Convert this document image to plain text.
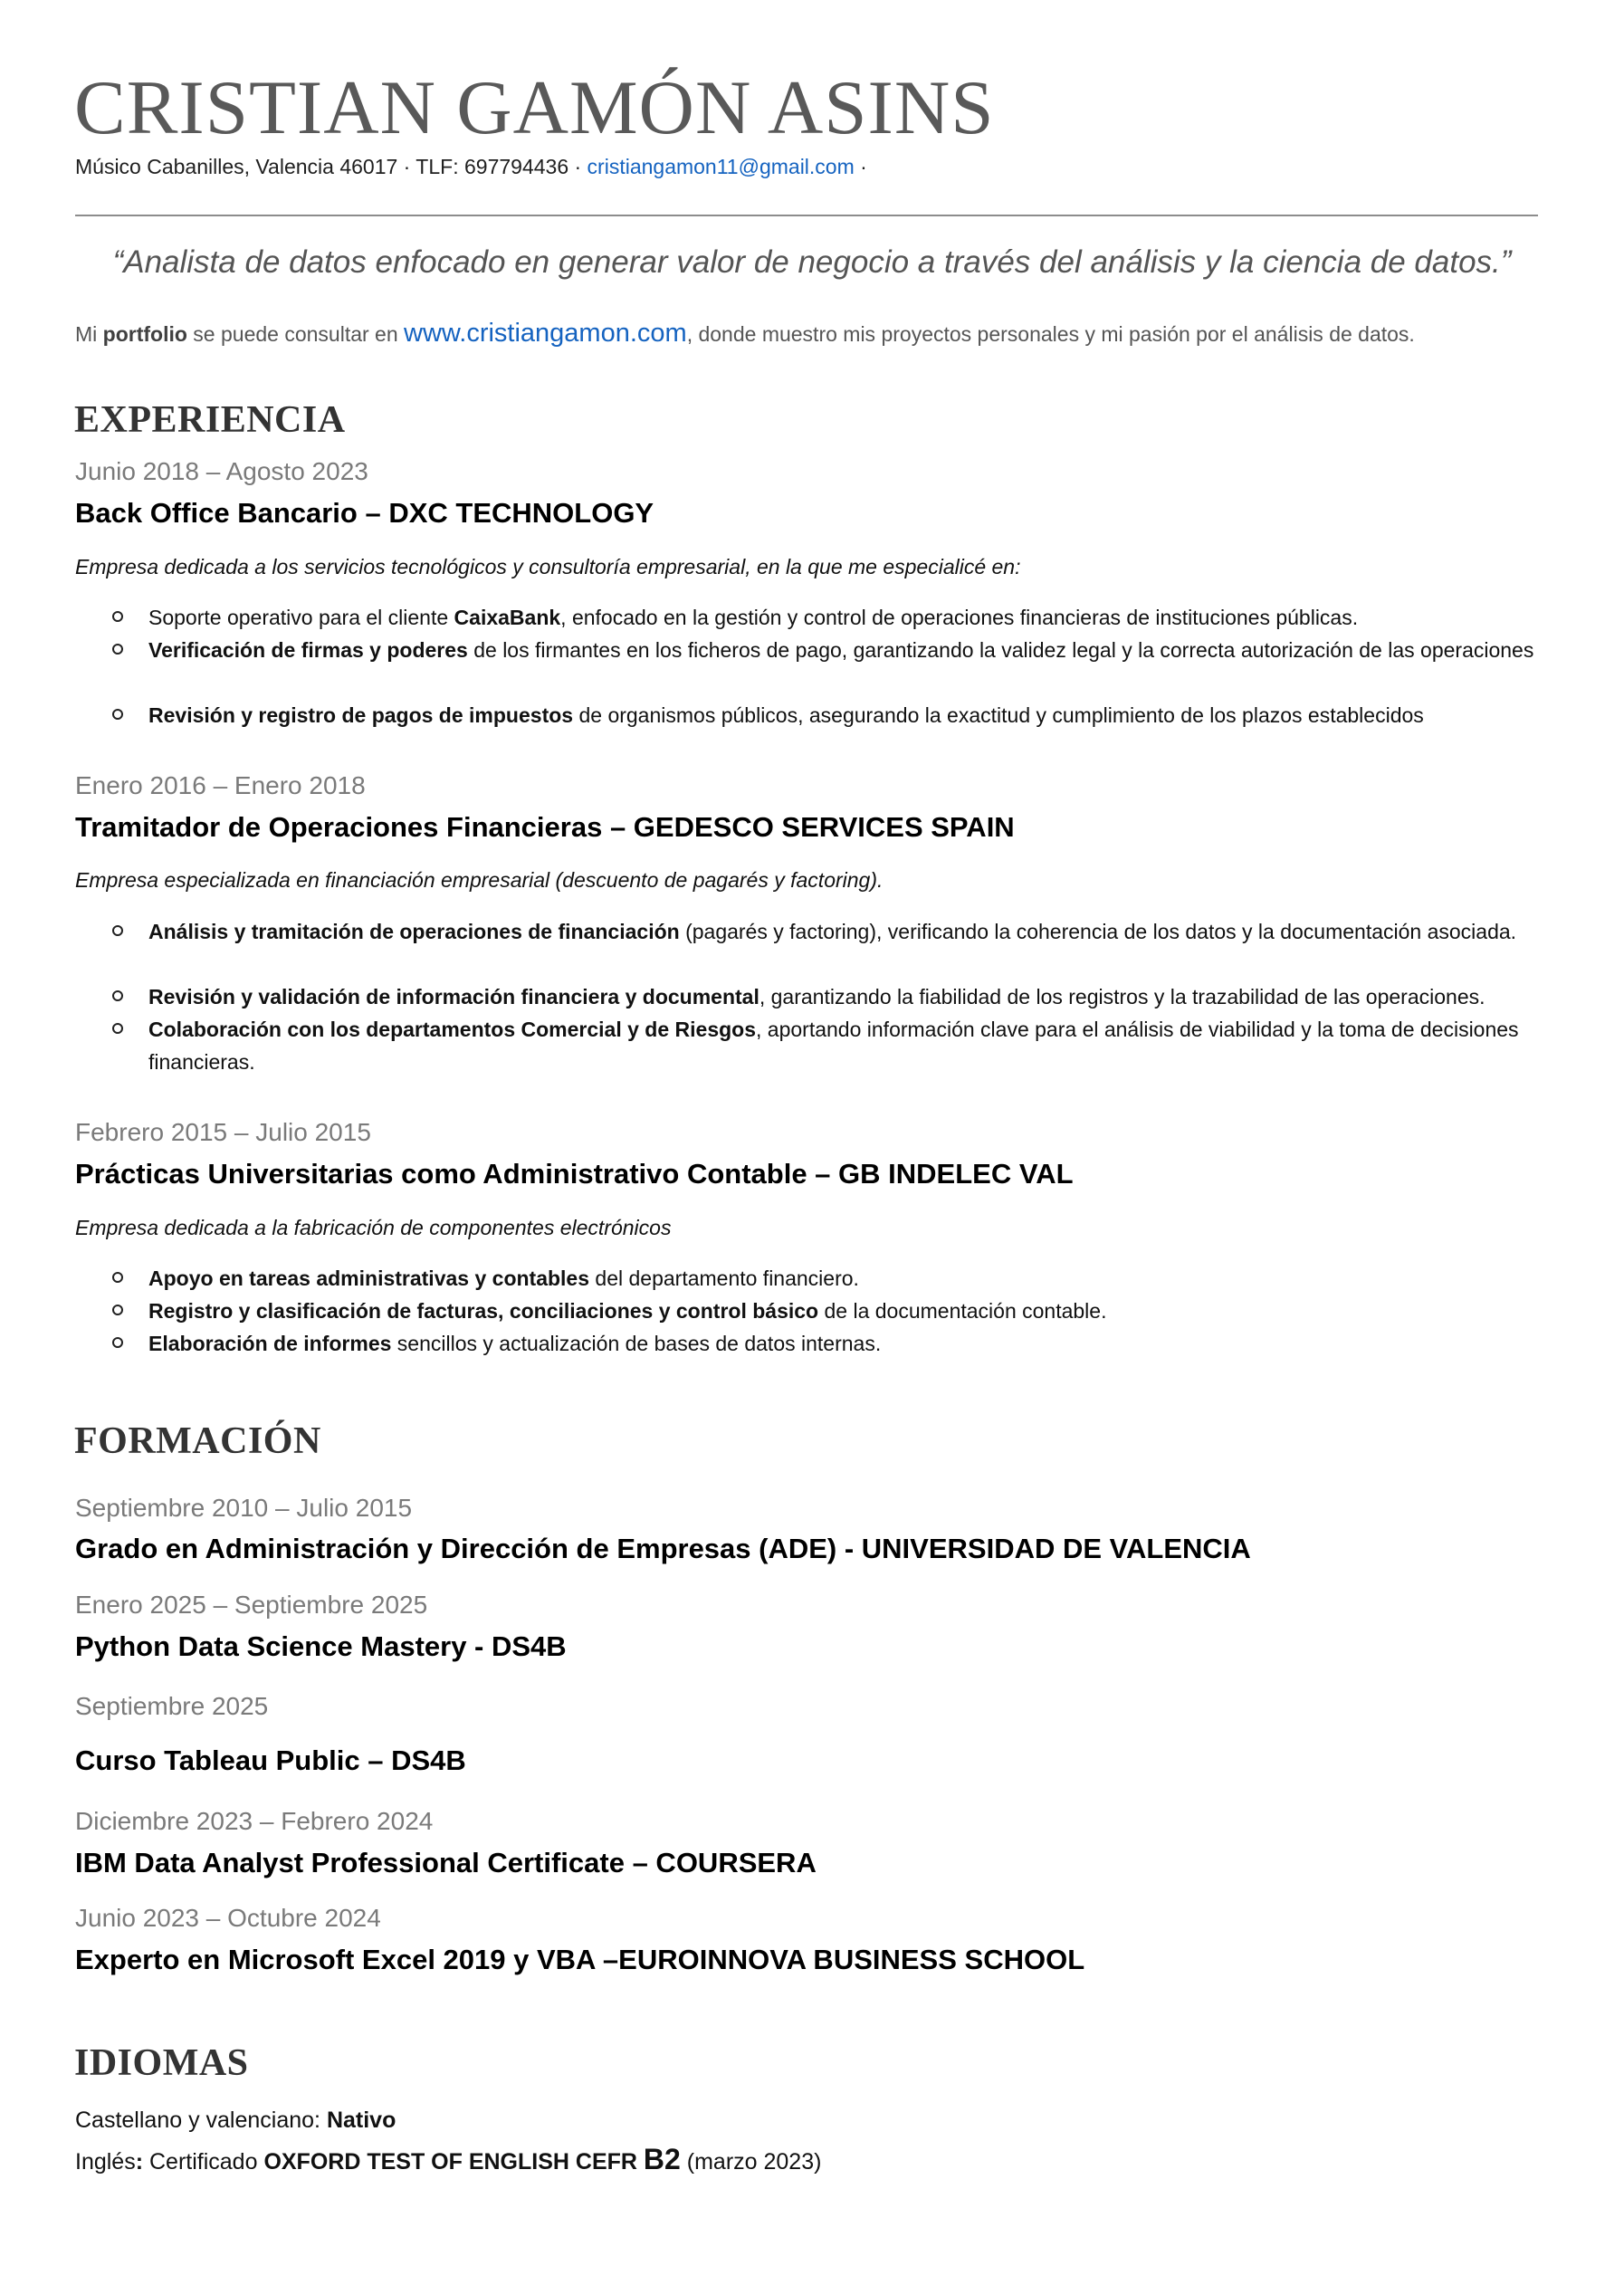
CRISTIAN GAMÓN ASINS
Músico Cabanilles, Valencia 46017 · TLF: 697794436 · cristiangamon11@gmail.com ·
“Analista de datos enfocado en generar valor de negocio a través del análisis y la ciencia de datos.”
Mi portfolio se puede consultar en www.cristiangamon.com, donde muestro mis proyectos personales y mi pasión por el análisis de datos.
EXPERIENCIA
Junio 2018 – Agosto 2023
Back Office Bancario – DXC TECHNOLOGY
Empresa dedicada a los servicios tecnológicos y consultoría empresarial, en la que me especialicé en:
Soporte operativo para el cliente CaixaBank, enfocado en la gestión y control de operaciones financieras de instituciones públicas.
Verificación de firmas y poderes de los firmantes en los ficheros de pago, garantizando la validez legal y la correcta autorización de las operaciones
Revisión y registro de pagos de impuestos de organismos públicos, asegurando la exactitud y cumplimiento de los plazos establecidos
Enero 2016 – Enero 2018
Tramitador de Operaciones Financieras – GEDESCO SERVICES SPAIN
Empresa especializada en financiación empresarial (descuento de pagarés y factoring).
Análisis y tramitación de operaciones de financiación (pagarés y factoring), verificando la coherencia de los datos y la documentación asociada.
Revisión y validación de información financiera y documental, garantizando la fiabilidad de los registros y la trazabilidad de las operaciones.
Colaboración con los departamentos Comercial y de Riesgos, aportando información clave para el análisis de viabilidad y la toma de decisiones financieras.
Febrero 2015 – Julio 2015
Prácticas Universitarias como Administrativo Contable – GB INDELEC VAL
Empresa dedicada a la fabricación de componentes electrónicos
Apoyo en tareas administrativas y contables del departamento financiero.
Registro y clasificación de facturas, conciliaciones y control básico de la documentación contable.
Elaboración de informes sencillos y actualización de bases de datos internas.
FORMACIÓN
Septiembre 2010 – Julio 2015
Grado en Administración y Dirección de Empresas (ADE) - UNIVERSIDAD DE VALENCIA
Enero 2025 – Septiembre 2025
Python Data Science Mastery - DS4B
Septiembre 2025
Curso Tableau Public – DS4B
Diciembre 2023 – Febrero 2024
IBM Data Analyst Professional Certificate – COURSERA
Junio 2023 – Octubre 2024
Experto en Microsoft Excel 2019 y VBA –EUROINNOVA BUSINESS SCHOOL
IDIOMAS
Castellano y valenciano: Nativo
Inglés: Certificado OXFORD TEST OF ENGLISH CEFR B2 (marzo 2023)
